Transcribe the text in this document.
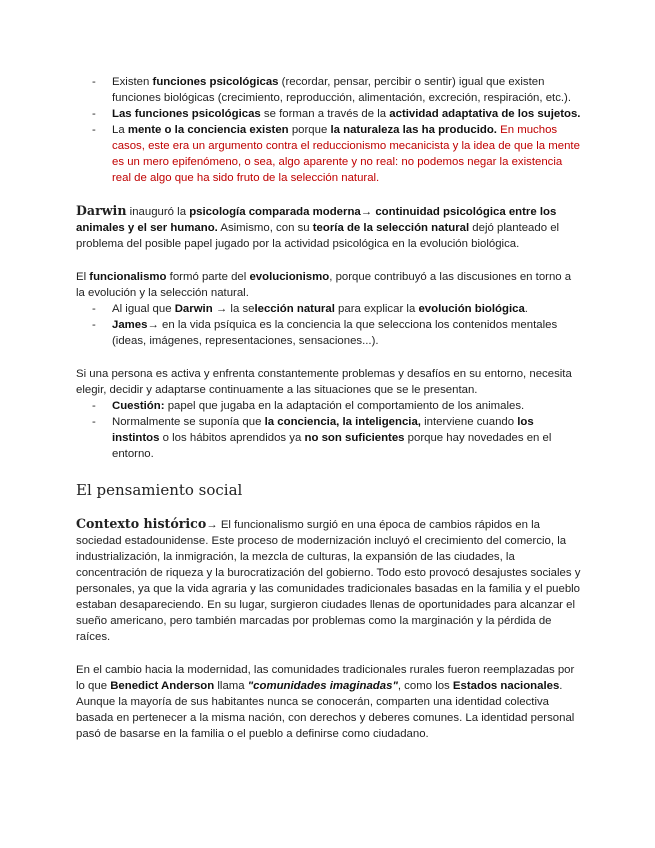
- Existen funciones psicológicas (recordar, pensar, percibir o sentir) igual que existen funciones biológicas (crecimiento, reproducción, alimentación, excreción, respiración, etc.).
- Las funciones psicológicas se forman a través de la actividad adaptativa de los sujetos.
- La mente o la conciencia existen porque la naturaleza las ha producido. En muchos casos, este era un argumento contra el reduccionismo mecanicista y la idea de que la mente es un mero epifenómeno, o sea, algo aparente y no real: no podemos negar la existencia real de algo que ha sido fruto de la selección natural.

Darwin inauguró la psicología comparada moderna→ continuidad psicológica entre los animales y el ser humano. Asimismo, con su teoría de la selección natural dejó planteado el problema del posible papel jugado por la actividad psicológica en la evolución biológica.

El funcionalismo formó parte del evolucionismo, porque contribuyó a las discusiones en torno a la evolución y la selección natural.

- Al igual que Darwin → la selección natural para explicar la evolución biológica.
- James→ en la vida psíquica es la conciencia la que selecciona los contenidos mentales (ideas, imágenes, representaciones, sensaciones...).

Si una persona es activa y enfrenta constantemente problemas y desafíos en su entorno, necesita elegir, decidir y adaptarse continuamente a las situaciones que se le presentan.

- Cuestión: papel que jugaba en la adaptación el comportamiento de los animales.
- Normalmente se suponía que la conciencia, la inteligencia, interviene cuando los instintos o los hábitos aprendidos ya no son suficientes porque hay novedades en el entorno.
El pensamiento social

Contexto histórico→ El funcionalismo surgió en una época de cambios rápidos en la sociedad estadounidense. Este proceso de modernización incluyó el crecimiento del comercio, la industrialización, la inmigración, la mezcla de culturas, la expansión de las ciudades, la concentración de riqueza y la burocratización del gobierno. Todo esto provocó desajustes sociales y personales, ya que la vida agraria y las comunidades tradicionales basadas en la familia y el pueblo estaban desapareciendo. En su lugar, surgieron ciudades llenas de oportunidades para alcanzar el sueño americano, pero también marcadas por problemas como la marginación y la pérdida de raíces.

En el cambio hacia la modernidad, las comunidades tradicionales rurales fueron reemplazadas por lo que Benedict Anderson llama "comunidades imaginadas", como los Estados nacionales. Aunque la mayoría de sus habitantes nunca se conocerán, comparten una identidad colectiva basada en pertenecer a la misma nación, con derechos y deberes comunes. La identidad personal pasó de basarse en la familia o el pueblo a definirse como ciudadano.
